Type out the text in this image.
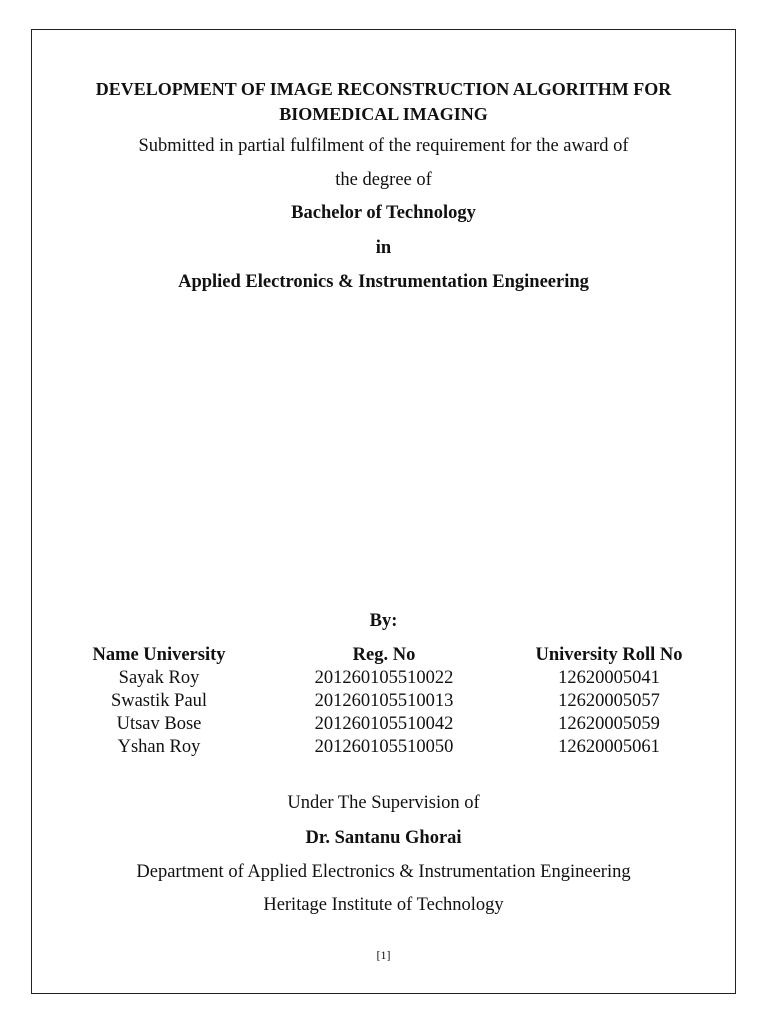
DEVELOPMENT OF IMAGE RECONSTRUCTION ALGORITHM FOR
BIOMEDICAL IMAGING
Submitted in partial fulfilment of the requirement for the award of
the degree of
Bachelor of Technology
in
Applied Electronics & Instrumentation Engineering
By:
Name University	Reg. No	University Roll No
Sayak Roy	201260105510022	12620005041
Swastik Paul	201260105510013	12620005057
Utsav Bose	201260105510042	12620005059
Yshan Roy	201260105510050	12620005061
Under The Supervision of
Dr. Santanu Ghorai
Department of Applied Electronics & Instrumentation Engineering
Heritage Institute of Technology
[1]
